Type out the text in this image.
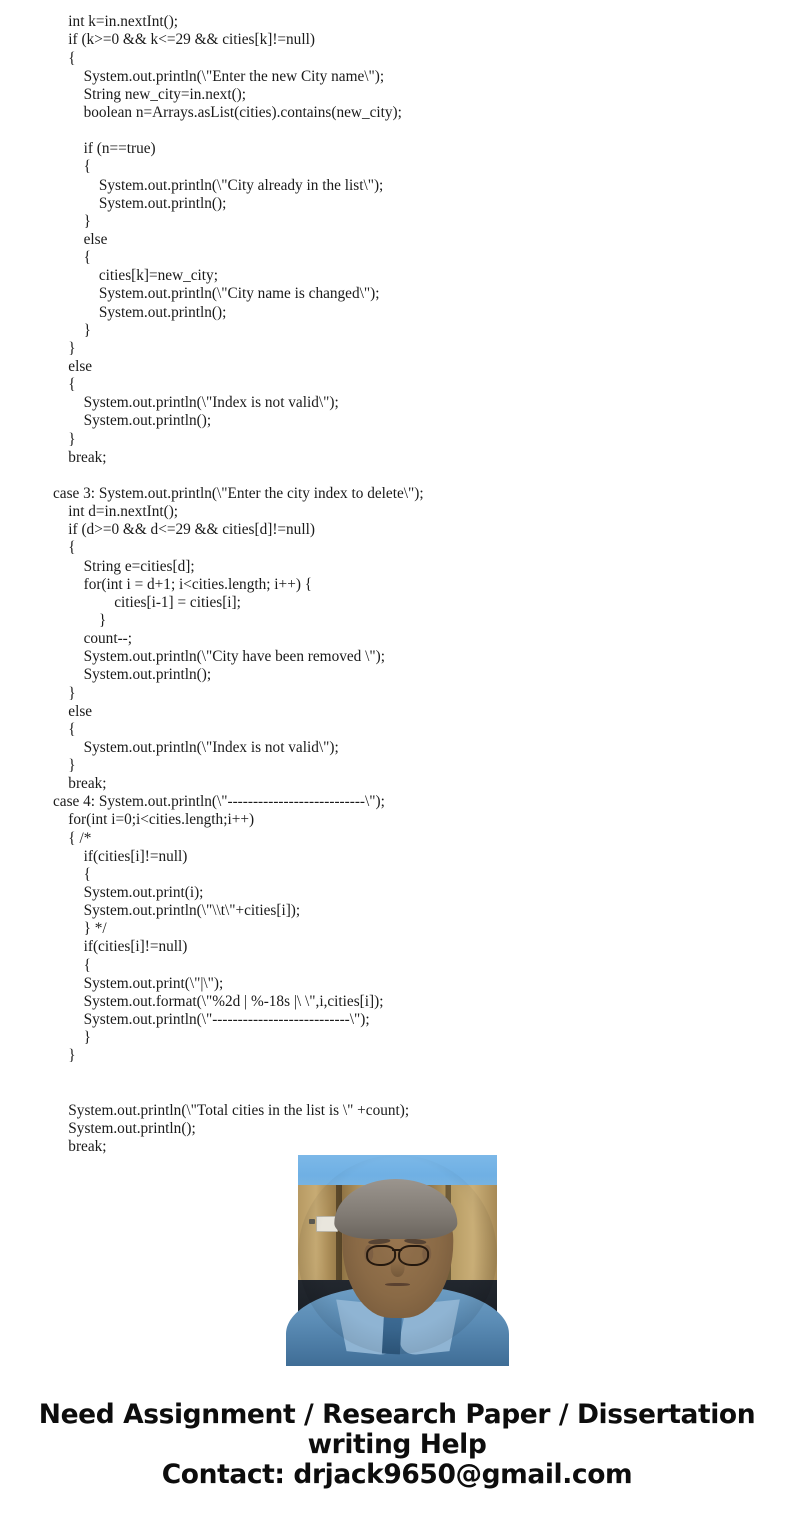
int k=in.nextInt();
if (k>=0 && k<=29 && cities[k]!=null)
{
System.out.println(\"Enter the new City name\");
String new_city=in.next();
boolean n=Arrays.asList(cities).contains(new_city);
if (n==true)
{
System.out.println(\"City already in the list\");
System.out.println();
}
else
{
cities[k]=new_city;
System.out.println(\"City name is changed\");
System.out.println();
}
}
else
{
System.out.println(\"Index is not valid\");
System.out.println();
}
break;
case 3: System.out.println(\"Enter the city index to delete\");
int d=in.nextInt();
if (d>=0 && d<=29 && cities[d]!=null)
{
String e=cities[d];
for(int i = d+1; i<cities.length; i++) {
cities[i-1] = cities[i];
}
count--;
System.out.println(\"City have been removed \");
System.out.println();
}
else
{
System.out.println(\"Index is not valid\");
}
break;
case 4: System.out.println(\"---------------------------\");
for(int i=0;i<cities.length;i++)
{ /*
if(cities[i]!=null)
{
System.out.print(i);
System.out.println(\"\\t\"+cities[i]);
} */
if(cities[i]!=null)
{
System.out.print(\"|\");
System.out.format(\"%2d | %-18s |\ \",i,cities[i]);
System.out.println(\"---------------------------\");
}
}
System.out.println(\"Total cities in the list is \" +count);
System.out.println();
break;
Need Assignment / Research Paper / Dissertation
writing Help
Contact: drjack9650@gmail.com
